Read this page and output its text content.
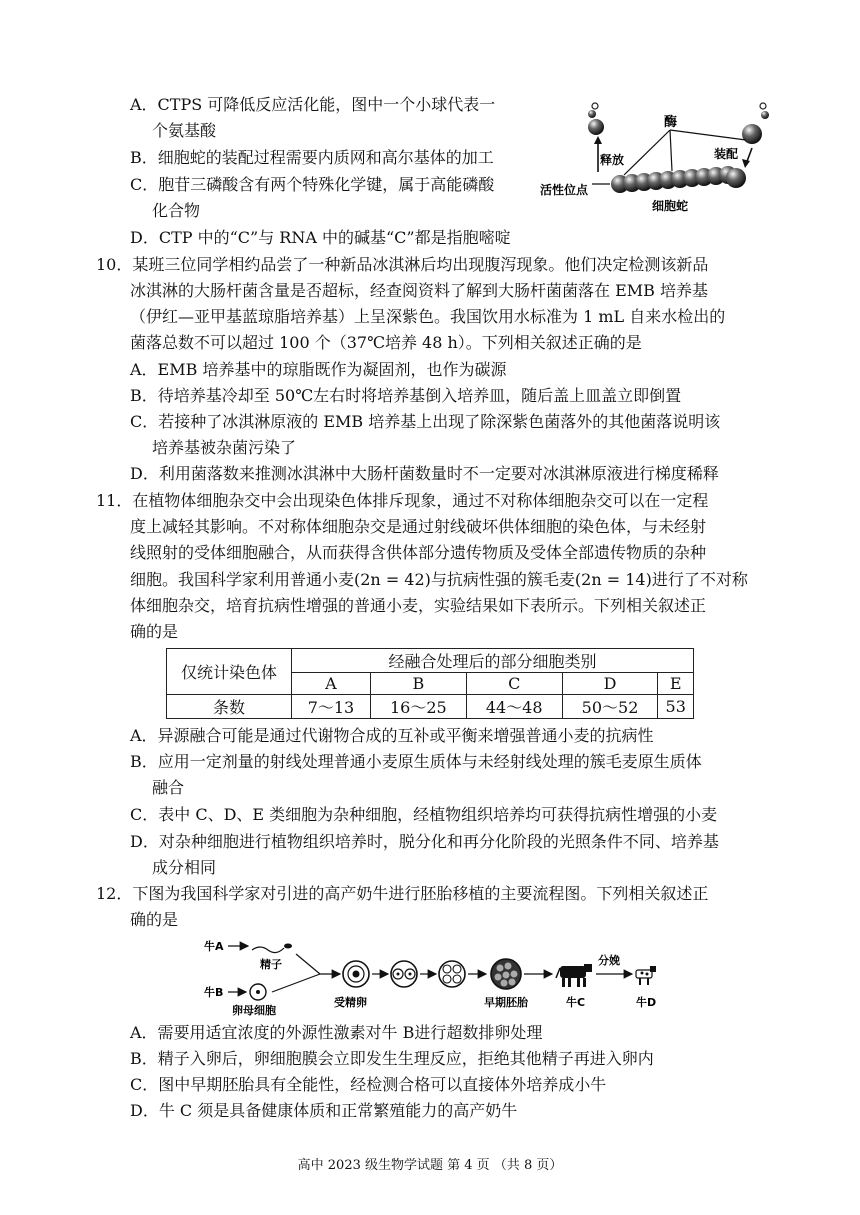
A．CTPS 可降低反应活化能，图中一个小球代表一
个氨基酸
B．细胞蛇的装配过程需要内质网和高尔基体的加工
C．胞苷三磷酸含有两个特殊化学键，属于高能磷酸
化合物
D．CTP 中的“C”与 RNA 中的碱基“C”都是指胞嘧啶
酶
释放	装配
活性位点
细胞蛇
10．某班三位同学相约品尝了一种新品冰淇淋后均出现腹泻现象。他们决定检测该新品
冰淇淋的大肠杆菌含量是否超标，经查阅资料了解到大肠杆菌菌落在 EMB 培养基
（伊红—亚甲基蓝琼脂培养基）上呈深紫色。我国饮用水标准为 1 mL 自来水检出的
菌落总数不可以超过 100 个（37℃培养 48 h）。下列相关叙述正确的是
A．EMB 培养基中的琼脂既作为凝固剂，也作为碳源
B．待培养基冷却至 50℃左右时将培养基倒入培养皿，随后盖上皿盖立即倒置
C．若接种了冰淇淋原液的 EMB 培养基上出现了除深紫色菌落外的其他菌落说明该
培养基被杂菌污染了
D．利用菌落数来推测冰淇淋中大肠杆菌数量时不一定要对冰淇淋原液进行梯度稀释
11．在植物体细胞杂交中会出现染色体排斥现象，通过不对称体细胞杂交可以在一定程
度上减轻其影响。不对称体细胞杂交是通过射线破坏供体细胞的染色体，与未经射
线照射的受体细胞融合，从而获得含供体部分遗传物质及受体全部遗传物质的杂种
细胞。我国科学家利用普通小麦(2n = 42)与抗病性强的簇毛麦(2n = 14)进行了不对称
体细胞杂交，培育抗病性增强的普通小麦，实验结果如下表所示。下列相关叙述正
确的是
仅统计染色体	经融合处理后的部分细胞类别				
	A	B	C	D	E
条数	7～13	16～25	44～48	50～52	53
A．异源融合可能是通过代谢物合成的互补或平衡来增强普通小麦的抗病性
B．应用一定剂量的射线处理普通小麦原生质体与未经射线处理的簇毛麦原生质体
融合
C．表中 C、D、E 类细胞为杂种细胞，经植物组织培养均可获得抗病性增强的小麦
D．对杂种细胞进行植物组织培养时，脱分化和再分化阶段的光照条件不同、培养基
成分相同
12．下图为我国科学家对引进的高产奶牛进行胚胎移植的主要流程图。下列相关叙述正
确的是
牛A
精子
牛B
卵母细胞
受精卵	早期胚胎	牛C
分娩
牛D
A．需要用适宜浓度的外源性激素对牛 B进行超数排卵处理
B．精子入卵后，卵细胞膜会立即发生生理反应，拒绝其他精子再进入卵内
C．图中早期胚胎具有全能性，经检测合格可以直接体外培养成小牛
D．牛 C 须是具备健康体质和正常繁殖能力的高产奶牛
高中 2023 级生物学试题 第 4 页 （共 8 页）
